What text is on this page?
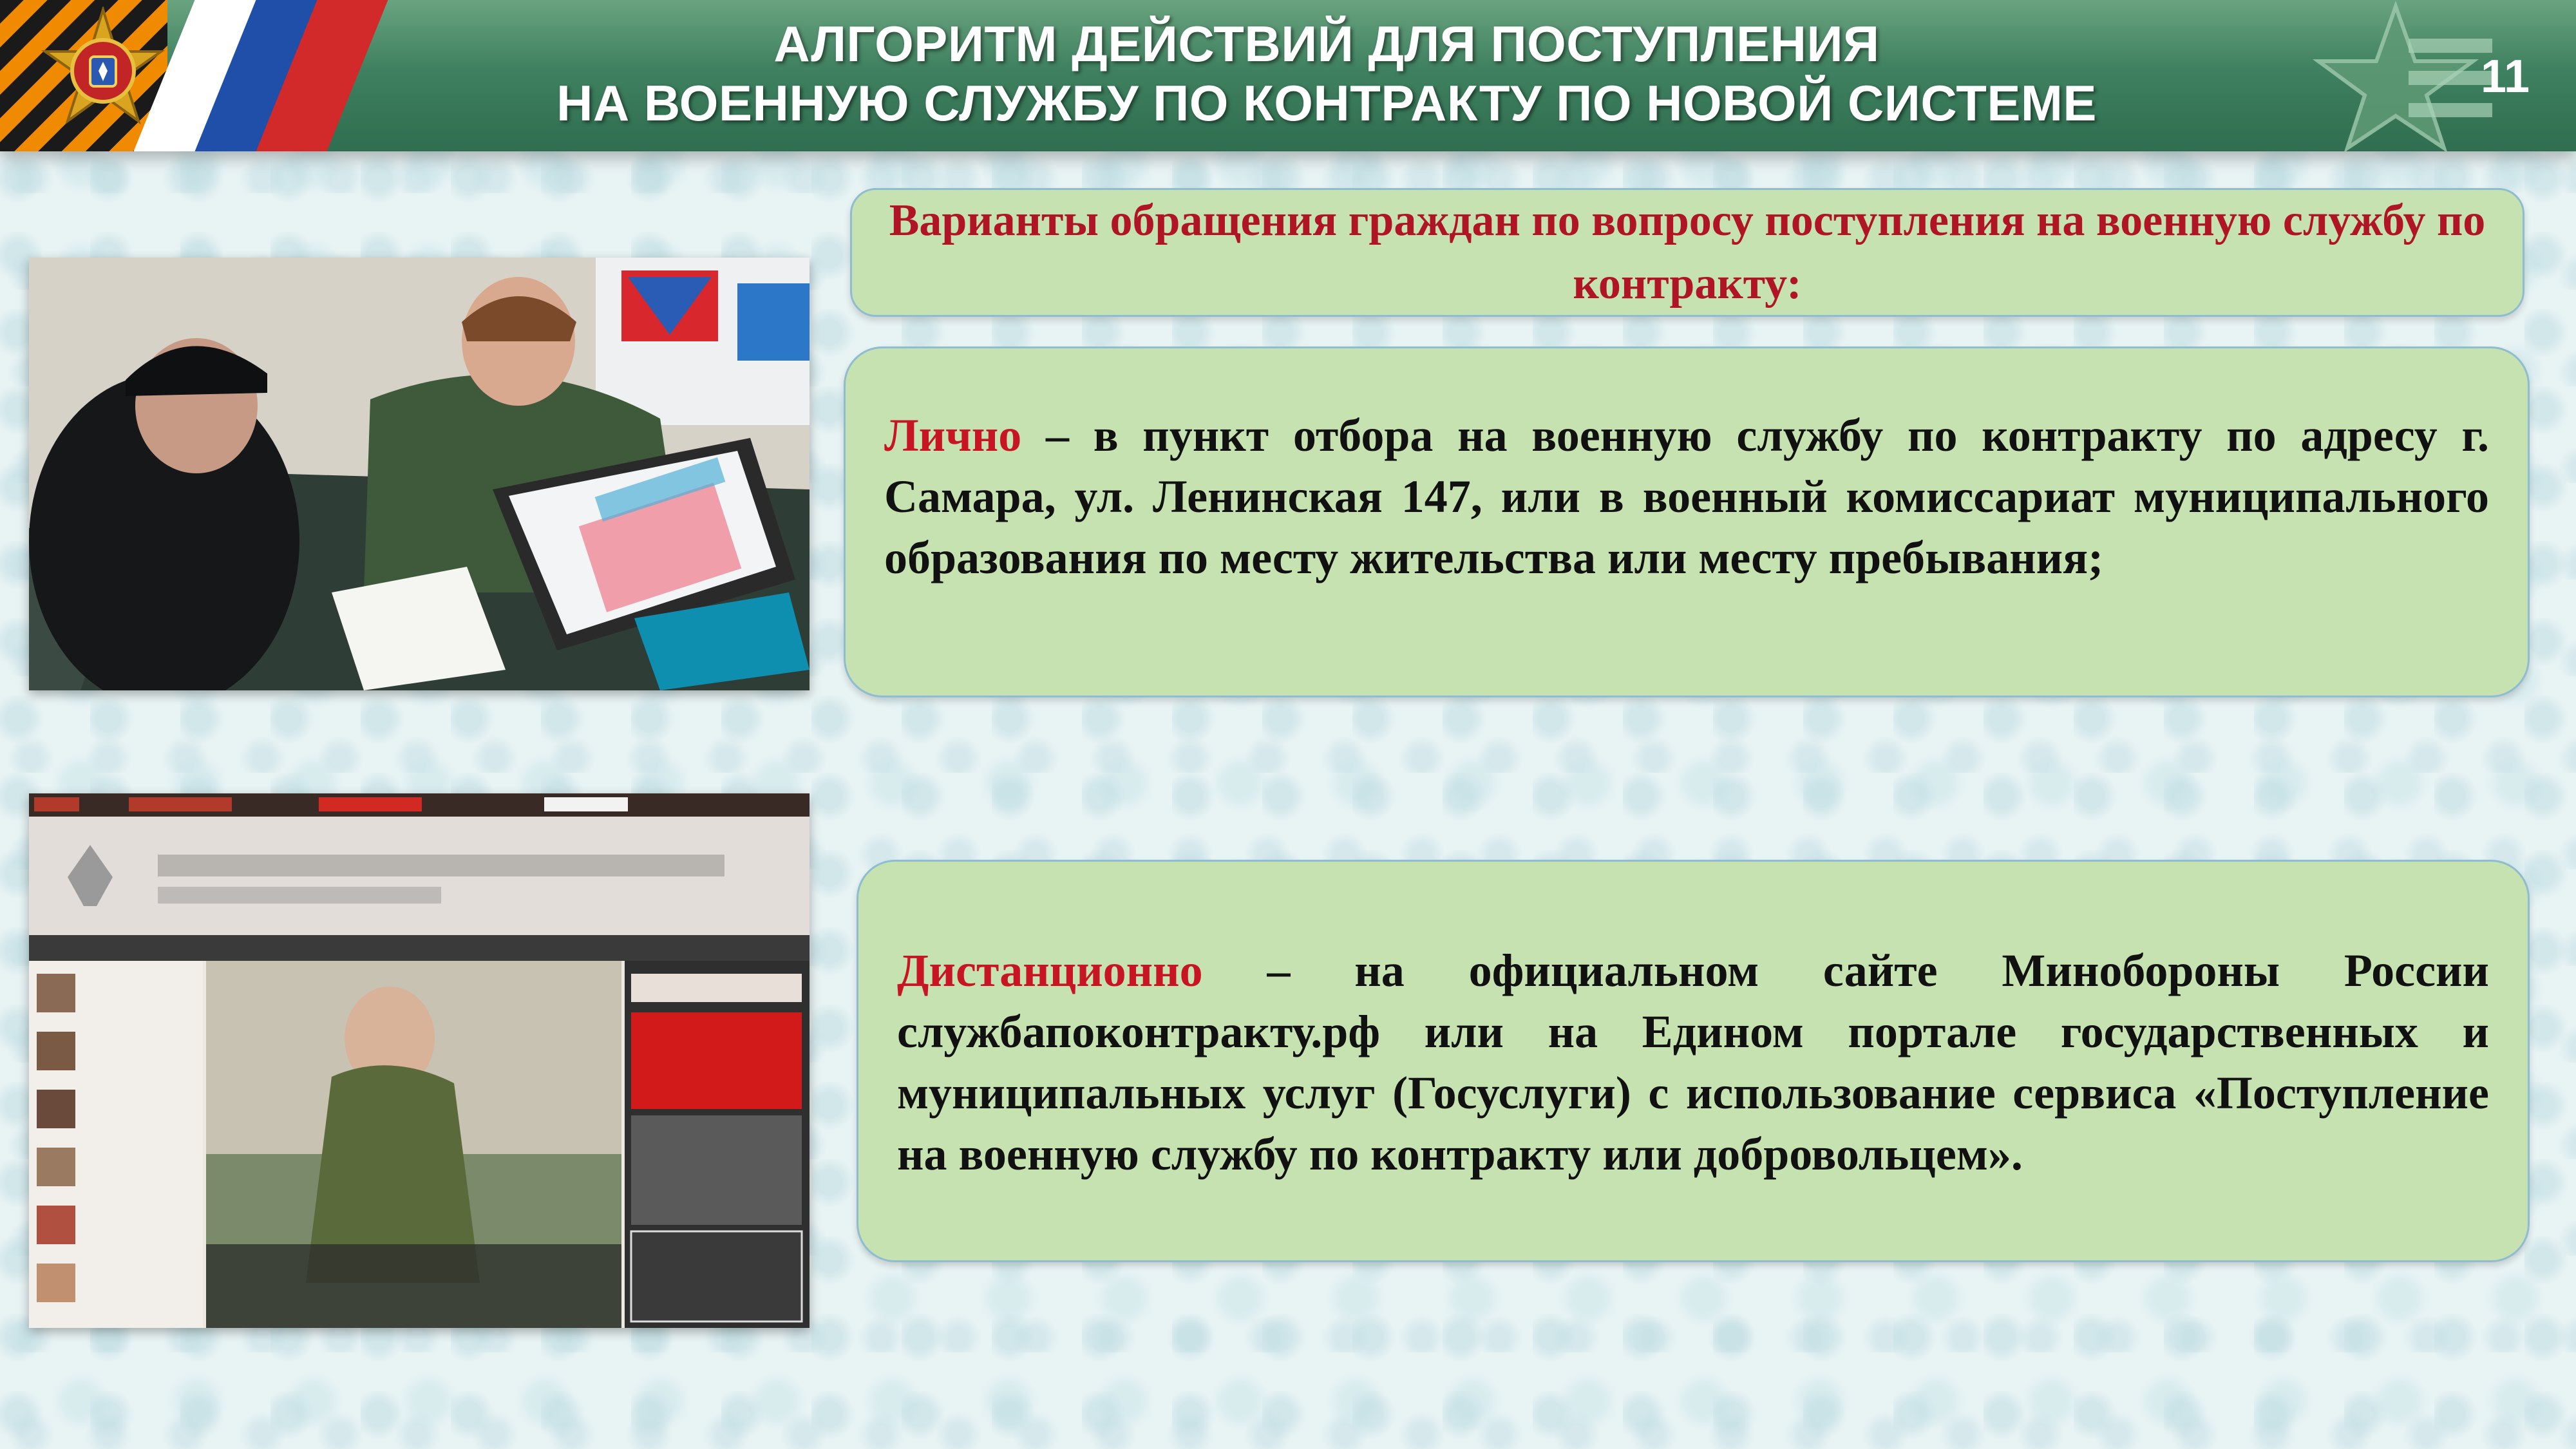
АЛГОРИТМ ДЕЙСТВИЙ ДЛЯ ПОСТУПЛЕНИЯ
НА ВОЕННУЮ СЛУЖБУ ПО КОНТРАКТУ ПО НОВОЙ СИСТЕМЕ	11
Варианты обращения граждан по вопросу поступления на военную службу по контракту:
Лично – в пункт отбора на военную службу по контракту по адресу г. Самара, ул. Ленинская 147, или в военный комиссариат муниципального образования по месту жительства или месту пребывания;
Дистанционно – на официальном сайте Минобороны России службапоконтракту.рф или на Едином портале государственных и муниципальных услуг (Госуслуги) с использование сервиса «Поступление на военную службу по контракту или добровольцем».
